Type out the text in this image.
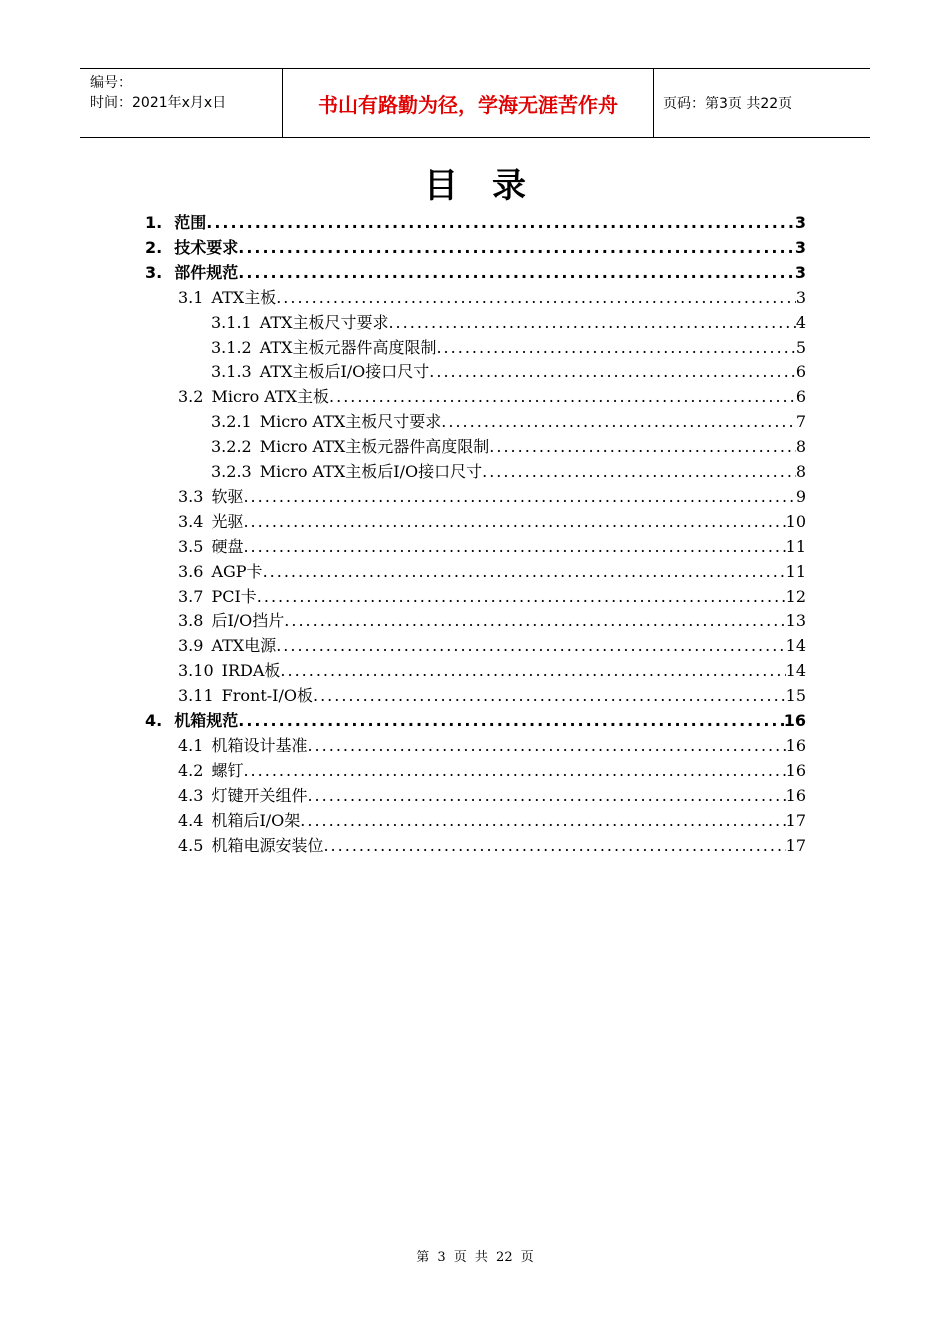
编号：
时间：2021年x月x日	书山有路勤为径，学海无涯苦作舟	页码：第3页 共22页
目录
1. 范围 .....	3
2. 技术要求 .....	3
3. 部件规范 .....	3
3.1 ATX主板 .....	3
3.1.1 ATX主板尺寸要求 .....	4
3.1.2 ATX主板元器件高度限制 .....	5
3.1.3 ATX主板后I/O接口尺寸 .....	6
3.2 Micro ATX主板 .....	6
3.2.1 Micro ATX主板尺寸要求 .....	7
3.2.2 Micro ATX主板元器件高度限制 .....	8
3.2.3 Micro ATX主板后I/O接口尺寸 .....	8
3.3 软驱 .....	9
3.4 光驱 .....	10
3.5 硬盘 .....	11
3.6 AGP卡 .....	11
3.7 PCI卡 .....	12
3.8 后I/O挡片 .....	13
3.9 ATX电源 .....	14
3.10 IRDA板 .....	14
3.11 Front-I/O板 .....	15
4. 机箱规范 .....	16
4.1 机箱设计基准 .....	16
4.2 螺钉 .....	16
4.3 灯键开关组件 .....	16
4.4 机箱后I/O架 .....	17
4.5 机箱电源安装位 .....	17
第 3 页 共 22 页
